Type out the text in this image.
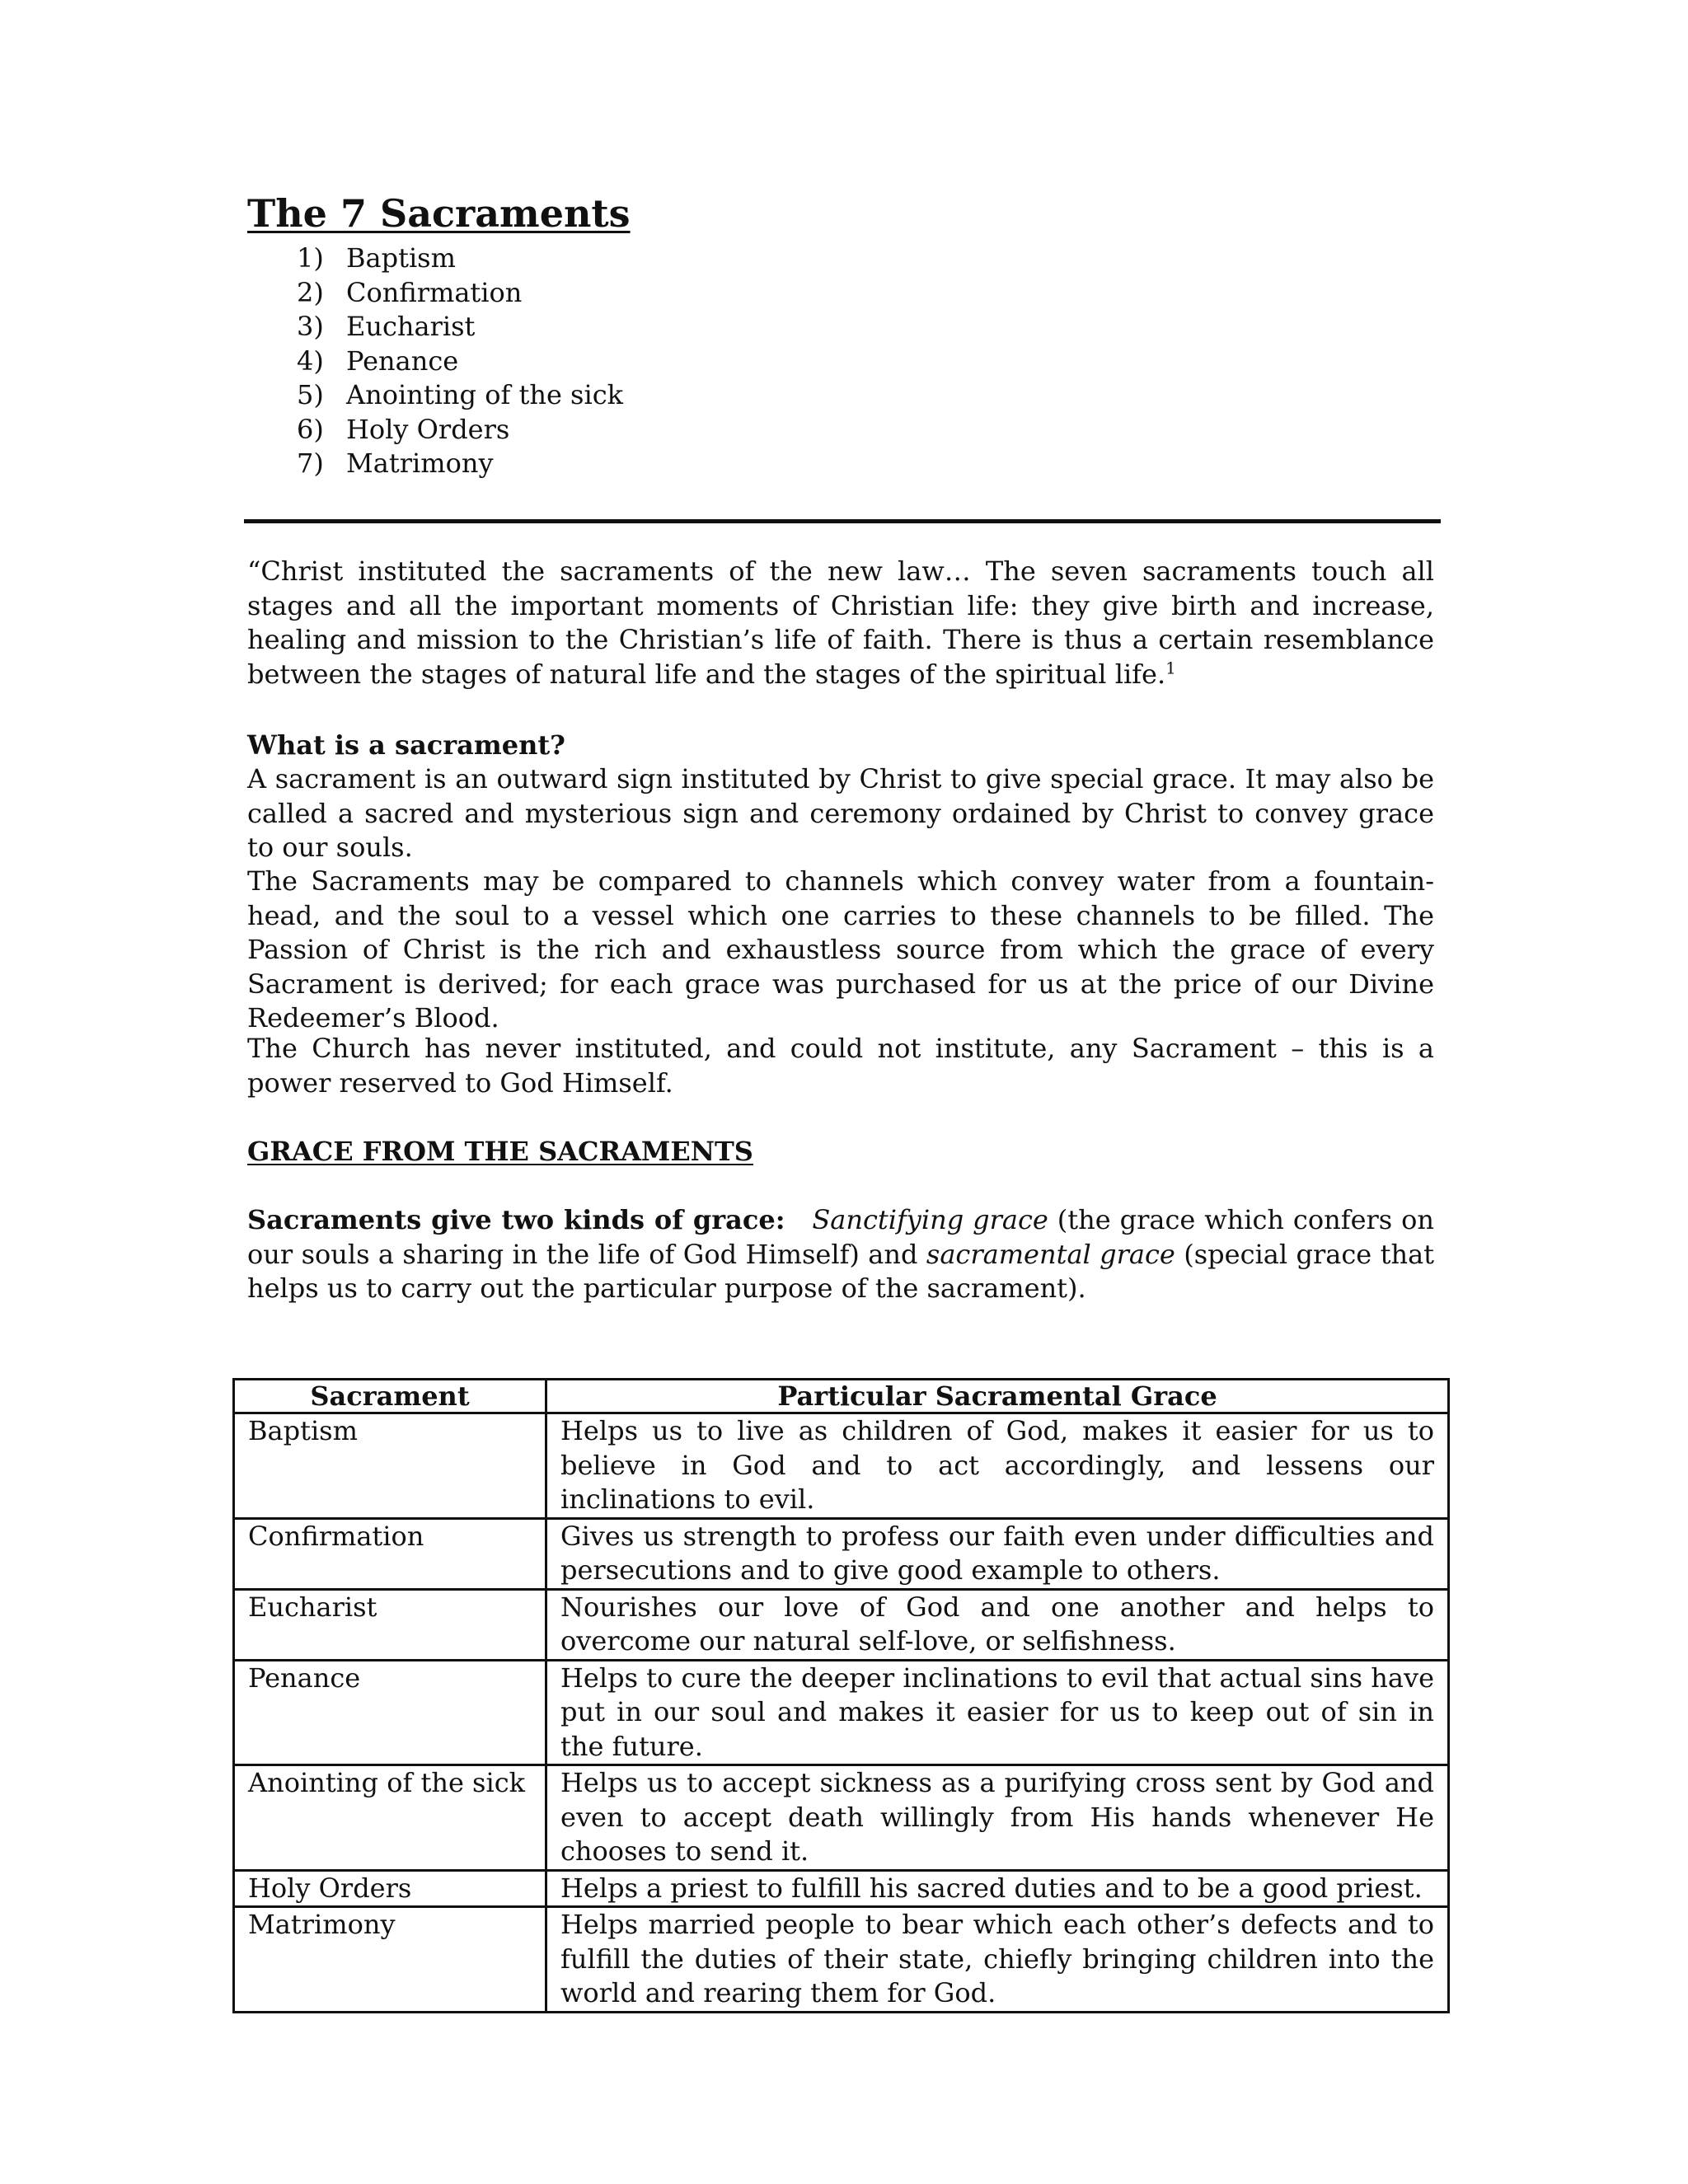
The 7 Sacraments
1) Baptism
2) Confirmation
3) Eucharist
4) Penance
5) Anointing of the sick
6) Holy Orders
7) Matrimony

“Christ instituted the sacraments of the new law… The seven sacraments touch all stages and all the important moments of Christian life: they give birth and increase, healing and mission to the Christian’s life of faith. There is thus a certain resemblance between the stages of natural life and the stages of the spiritual life.$^1$

What is a sacrament?

A sacrament is an outward sign instituted by Christ to give special grace. It may also be called a sacred and mysterious sign and ceremony ordained by Christ to convey grace to our souls.

The Sacraments may be compared to channels which convey water from a fountain-head, and the soul to a vessel which one carries to these channels to be filled. The Passion of Christ is the rich and exhaustless source from which the grace of every Sacrament is derived; for each grace was purchased for us at the price of our Divine Redeemer’s Blood.

The Church has never instituted, and could not institute, any Sacrament – this is a power reserved to God Himself.

GRACE FROM THE SACRAMENTS

Sacraments give two kinds of grace: Sanctifying grace (the grace which confers on our souls a sharing in the life of God Himself) and sacramental grace (special grace that helps us to carry out the particular purpose of the sacrament).

Sacrament	Particular Sacramental Grace
Baptism	Helps us to live as children of God, makes it easier for us to believe in God and to act accordingly, and lessens our inclinations to evil.
Confirmation	Gives us strength to profess our faith even under difficulties and persecutions and to give good example to others.
Eucharist	Nourishes our love of God and one another and helps to overcome our natural self-love, or selfishness.
Penance	Helps to cure the deeper inclinations to evil that actual sins have put in our soul and makes it easier for us to keep out of sin in the future.
Anointing of the sick	Helps us to accept sickness as a purifying cross sent by God and even to accept death willingly from His hands whenever He chooses to send it.
Holy Orders	Helps a priest to fulfill his sacred duties and to be a good priest.
Matrimony	Helps married people to bear which each other’s defects and to fulfill the duties of their state, chiefly bringing children into the world and rearing them for God.
